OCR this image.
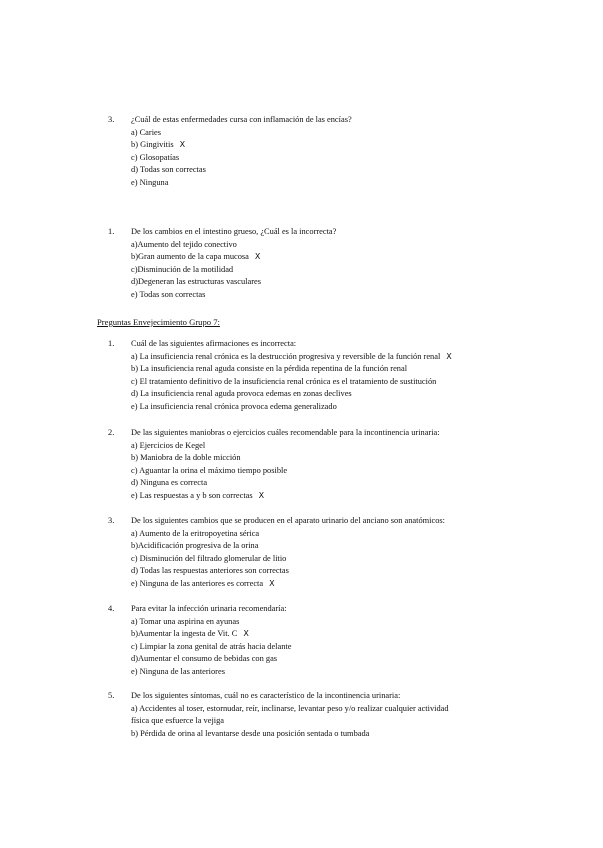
3. ¿Cuál de estas enfermedades cursa con inflamación de las encías?
a) Caries
b) Gingivitis X
c) Glosopatías
d) Todas son correctas
e) Ninguna
1. De los cambios en el intestino grueso, ¿Cuál es la incorrecta?
a)Aumento del tejido conectivo
b)Gran aumento de la capa mucosa X
c)Disminución de la motilidad
d)Degeneran las estructuras vasculares
e) Todas son correctas
Preguntas Envejecimiento Grupo 7:
1. Cuál de las siguientes afirmaciones es incorrecta:
a) La insuficiencia renal crónica es la destrucción progresiva y reversible de la función renal X
b) La insuficiencia renal aguda consiste en la pérdida repentina de la función renal
c) El tratamiento definitivo de la insuficiencia renal crónica es el tratamiento de sustitución
d) La insuficiencia renal aguda provoca edemas en zonas declives
e) La insuficiencia renal crónica provoca edema generalizado
2. De las siguientes maniobras o ejercicios cuáles recomendable para la incontinencia urinaria:
a) Ejercicios de Kegel
b) Maniobra de la doble micción
c) Aguantar la orina el máximo tiempo posible
d) Ninguna es correcta
e) Las respuestas a y b son correctas X
3. De los siguientes cambios que se producen en el aparato urinario del anciano son anatómicos:
a) Aumento de la eritropoyetina sérica
b)Acidificación progresiva de la orina
c) Disminución del filtrado glomerular de litio
d) Todas las respuestas anteriores son correctas
e) Ninguna de las anteriores es correcta X
4. Para evitar la infección urinaria recomendaría:
a) Tomar una aspirina en ayunas
b)Aumentar la ingesta de Vit. C X
c) Limpiar la zona genital de atrás hacia delante
d)Aumentar el consumo de bebidas con gas
e) Ninguna de las anteriores
5. De los siguientes síntomas, cuál no es característico de la incontinencia urinaria:
a) Accidentes al toser, estornudar, reír, inclinarse, levantar peso y/o realizar cualquier actividad
física que esfuerce la vejiga
b) Pérdida de orina al levantarse desde una posición sentada o tumbada
